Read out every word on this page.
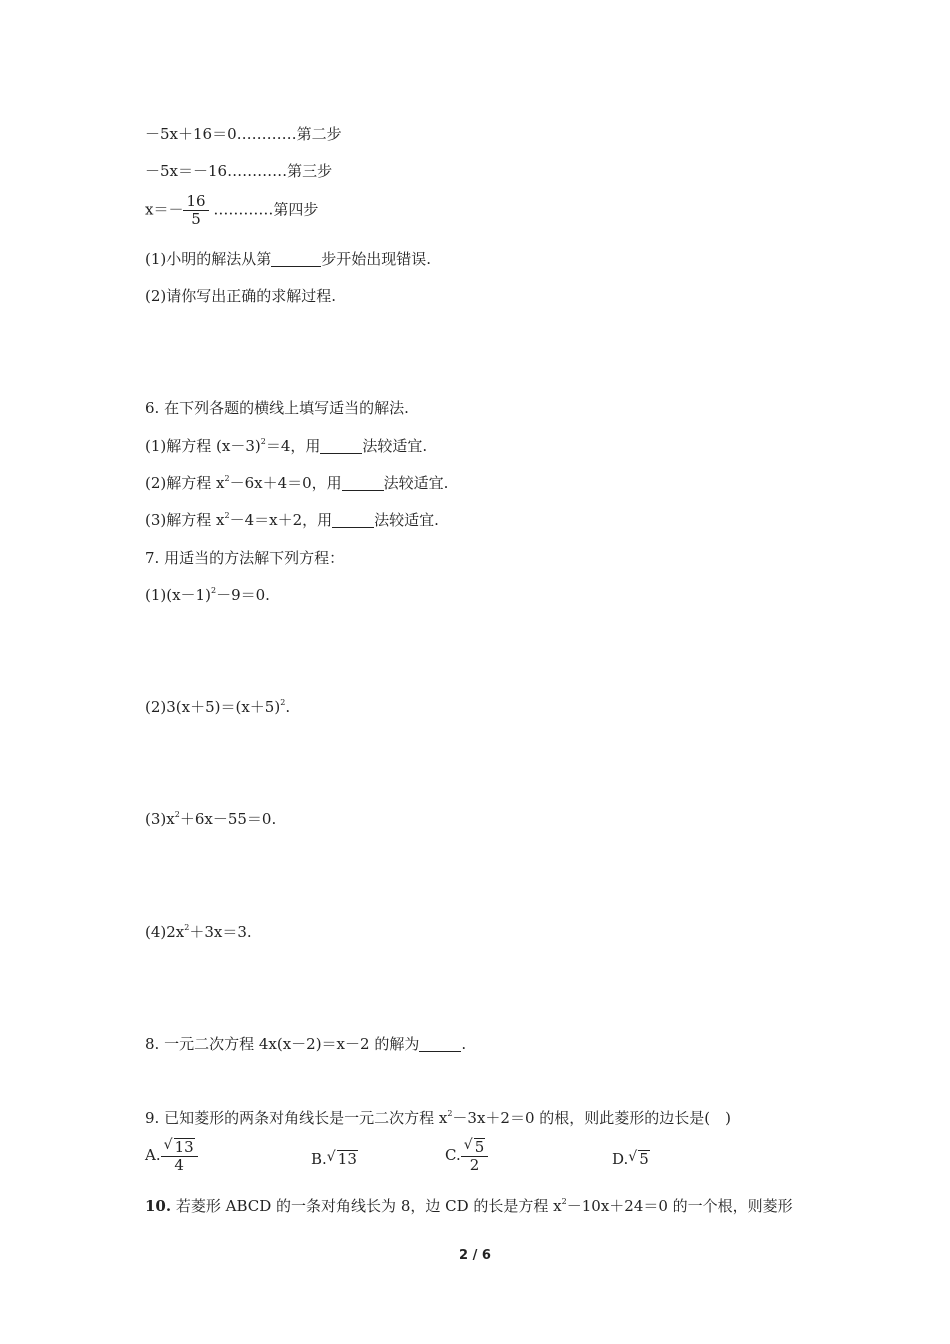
－5x＋16＝0…………第二步
－5x＝－16…………第三步
$x=- \frac{16}{5}$ …………第四步
(1)小明的解法从第	步开始出现错误.
(2)请你写出正确的求解过程.
6. 在下列各题的横线上填写适当的解法.
(1)解方程 $(x-3)^2=4$，用	法较适宜.
(2)解方程 $x^2-6x+4=0$，用	法较适宜.
(3)解方程 $x^2-4=x+2$，用	法较适宜.
7. 用适当的方法解下列方程：
$(1)(x-1)^2-9=0$.
$(2)3(x+5)=(x+5)^2$.
$(3)x^2+6x-55=0$.
$(4)2x^2+3x=3$.
8. 一元二次方程 4x(x－2)＝x－2 的解为	.
9. 已知菱形的两条对角线长是一元二次方程 $x^2-3x+2=0$ 的根，则此菱形的边长是(　)
A. √ $\frac{13}{4}$	B. √ 13	C. √ $\frac{5}{2}$	D. √ 5
10. 若菱形 ABCD 的一条对角线长为 8，边 CD 的长是方程 $x^2-10x+24=0$ 的一个根，则菱形
2 / 6
